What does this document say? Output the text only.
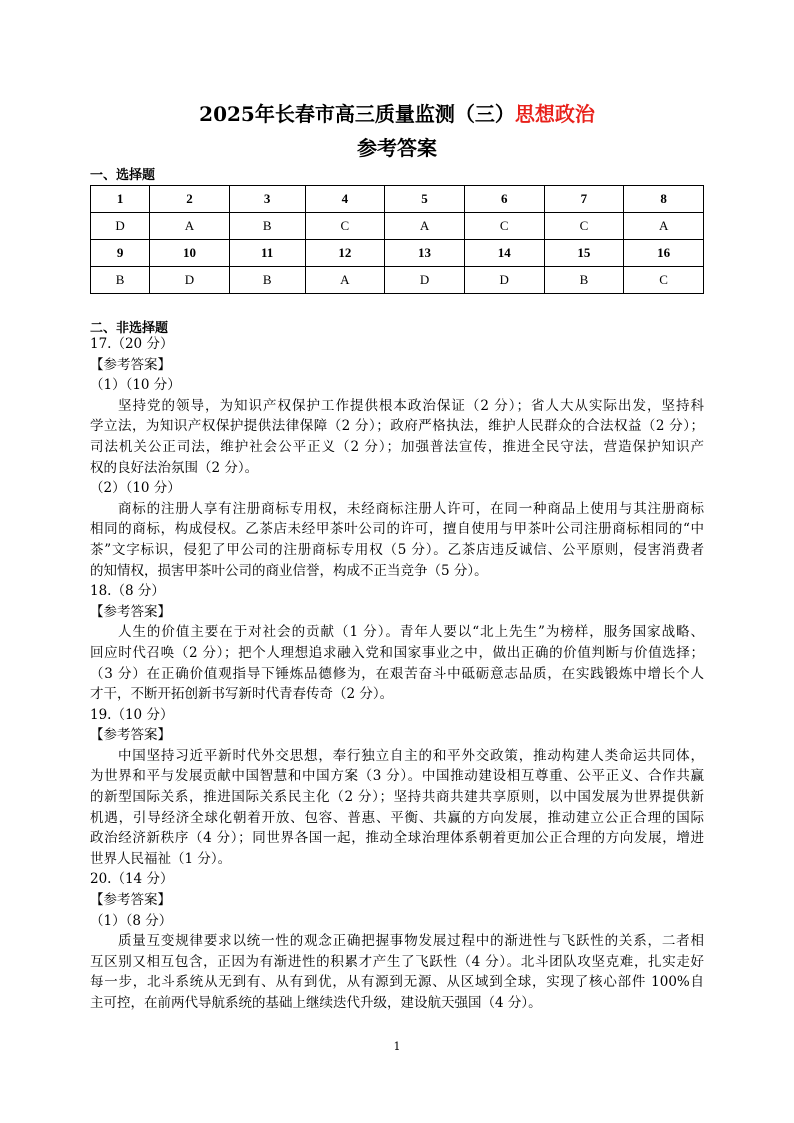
2025年长春市高三质量监测（三）思想政治
参考答案
一、选择题
1	2	3	4	5	6	7	8
D	A	B	C	A	C	C	A
9	10	11	12	13	14	15	16
B	D	B	A	D	D	B	C
二、非选择题
17.（20 分）
【参考答案】
（1）（10 分）
坚持党的领导，为知识产权保护工作提供根本政治保证（2 分）；省人大从实际出发，坚持科
学立法，为知识产权保护提供法律保障（2 分）；政府严格执法，维护人民群众的合法权益（2 分）；
司法机关公正司法，维护社会公平正义（2 分）；加强普法宣传，推进全民守法，营造保护知识产
权的良好法治氛围（2 分）。
（2）（10 分）
商标的注册人享有注册商标专用权，未经商标注册人许可，在同一种商品上使用与其注册商标
相同的商标，构成侵权。乙茶店未经甲茶叶公司的许可，擅自使用与甲茶叶公司注册商标相同的“中
茶”文字标识，侵犯了甲公司的注册商标专用权（5 分）。乙茶店违反诚信、公平原则，侵害消费者
的知情权，损害甲茶叶公司的商业信誉，构成不正当竞争（5 分）。
18.（8 分）
【参考答案】
人生的价值主要在于对社会的贡献（1 分）。青年人要以“北上先生”为榜样，服务国家战略、
回应时代召唤（2 分）；把个人理想追求融入党和国家事业之中，做出正确的价值判断与价值选择；
（3 分）在正确价值观指导下锤炼品德修为，在艰苦奋斗中砥砺意志品质，在实践锻炼中增长个人
才干，不断开拓创新书写新时代青春传奇（2 分）。
19.（10 分）
【参考答案】
中国坚持习近平新时代外交思想，奉行独立自主的和平外交政策，推动构建人类命运共同体，
为世界和平与发展贡献中国智慧和中国方案（3 分）。中国推动建设相互尊重、公平正义、合作共赢
的新型国际关系，推进国际关系民主化（2 分）；坚持共商共建共享原则，以中国发展为世界提供新
机遇，引导经济全球化朝着开放、包容、普惠、平衡、共赢的方向发展，推动建立公正合理的国际
政治经济新秩序（4 分）；同世界各国一起，推动全球治理体系朝着更加公正合理的方向发展，增进
世界人民福祉（1 分）。
20.（14 分）
【参考答案】
（1）（8 分）
质量互变规律要求以统一性的观念正确把握事物发展过程中的渐进性与飞跃性的关系，二者相
互区别又相互包含，正因为有渐进性的积累才产生了飞跃性（4 分）。北斗团队攻坚克难，扎实走好
每一步，北斗系统从无到有、从有到优，从有源到无源、从区域到全球，实现了核心部件 100%自
主可控，在前两代导航系统的基础上继续迭代升级，建设航天强国（4 分）。
1
